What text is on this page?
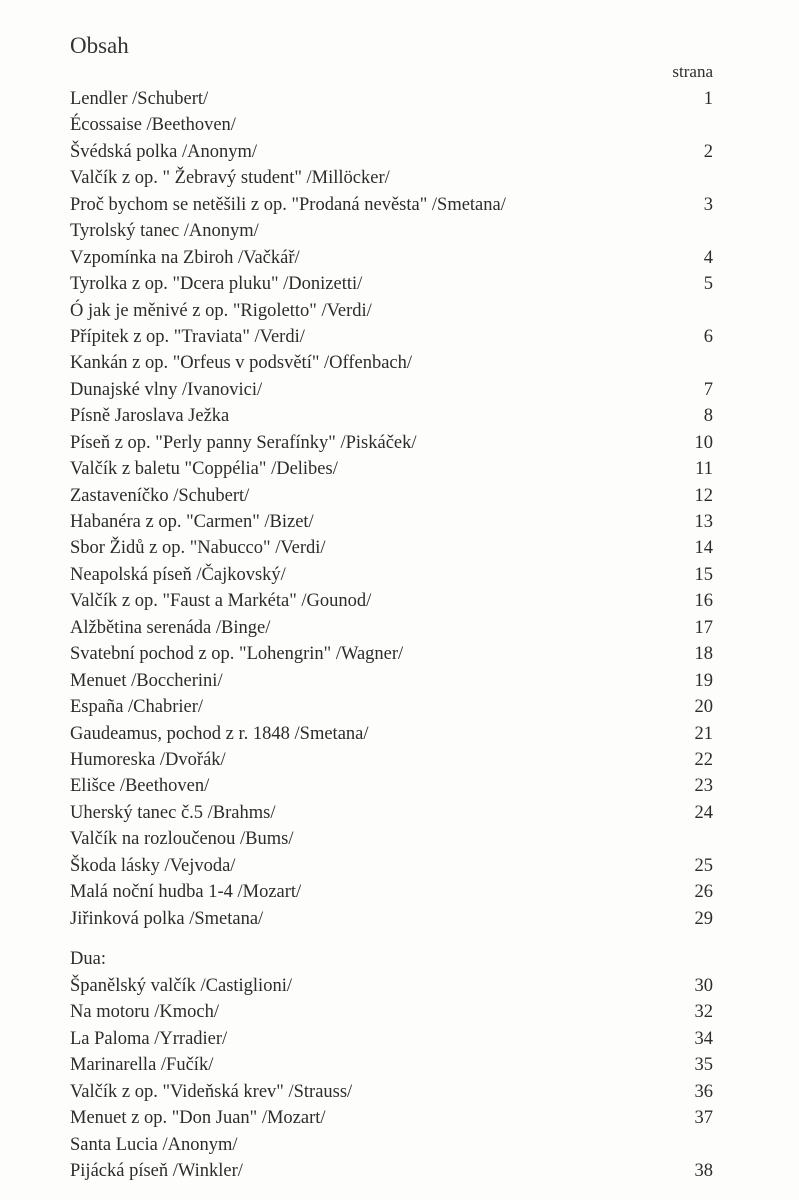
Obsah
strana
Lendler /Schubert/	1
Écossaise /Beethoven/
Švédská polka /Anonym/	2
Valčík z op. " Žebravý student" /Millöcker/
Proč bychom se netěšili z op. "Prodaná nevěsta" /Smetana/	3
Tyrolský tanec /Anonym/
Vzpomínka na Zbiroh /Vačkář/	4
Tyrolka z op. "Dcera pluku" /Donizetti/	5
Ó jak je měnivé z op. "Rigoletto" /Verdi/
Přípitek z op. "Traviata" /Verdi/	6
Kankán z op. "Orfeus v podsvětí" /Offenbach/
Dunajské vlny /Ivanovici/	7
Písně Jaroslava Ježka	8
Píseň z op. "Perly panny Serafínky" /Piskáček/	10
Valčík z baletu "Coppélia" /Delibes/	11
Zastaveníčko /Schubert/	12
Habanéra z op. "Carmen" /Bizet/	13
Sbor Židů z op. "Nabucco" /Verdi/	14
Neapolská píseň /Čajkovský/	15
Valčík z op. "Faust a Markéta" /Gounod/	16
Alžbětina serenáda /Binge/	17
Svatební pochod z op. "Lohengrin" /Wagner/	18
Menuet /Boccherini/	19
España /Chabrier/	20
Gaudeamus, pochod z r. 1848 /Smetana/	21
Humoreska /Dvořák/	22
Elišce /Beethoven/	23
Uherský tanec č.5 /Brahms/	24
Valčík na rozloučenou /Bums/
Škoda lásky /Vejvoda/	25
Malá noční hudba 1-4 /Mozart/	26
Jiřinková polka /Smetana/	29
Dua:
Španělský valčík /Castiglioni/	30
Na motoru /Kmoch/	32
La Paloma /Yrradier/	34
Marinarella /Fučík/	35
Valčík z op. "Videňská krev" /Strauss/	36
Menuet z op. "Don Juan" /Mozart/	37
Santa Lucia /Anonym/
Pijácká píseň /Winkler/	38
